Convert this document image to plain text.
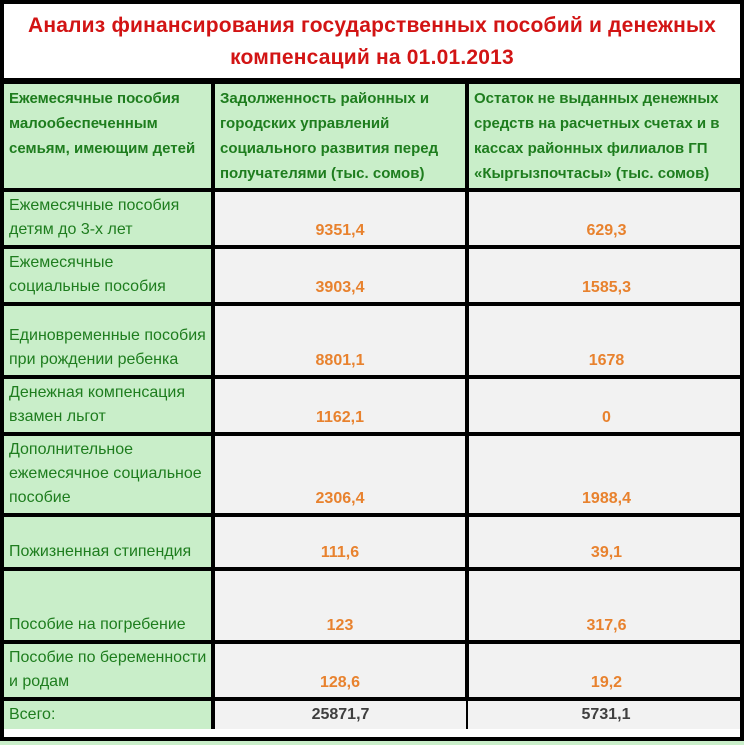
Анализ финансирования государственных пособий и денежных
компенсаций на 01.01.2013
Ежемесячные пособия малообеспеченным семьям, имеющим детей	Задолженность районных и городских управлений социального развития перед получателями (тыс. сомов)	Остаток не выданных денежных средств на расчетных счетах и в кассах районных филиалов ГП «Кыргызпочтасы» (тыс. сомов)
Ежемесячные пособия детям до 3-х лет	9351,4	629,3
Ежемесячные социальные пособия	3903,4	1585,3
Единовременные пособия при рождении ребенка	8801,1	1678
Денежная компенсация взамен льгот	1162,1	0
Дополнительное ежемесячное социальное пособие	2306,4	1988,4
Пожизненная стипендия	111,6	39,1
Пособие на погребение	123	317,6
Пособие по беременности и родам	128,6	19,2
Всего:	25871,7	5731,1
